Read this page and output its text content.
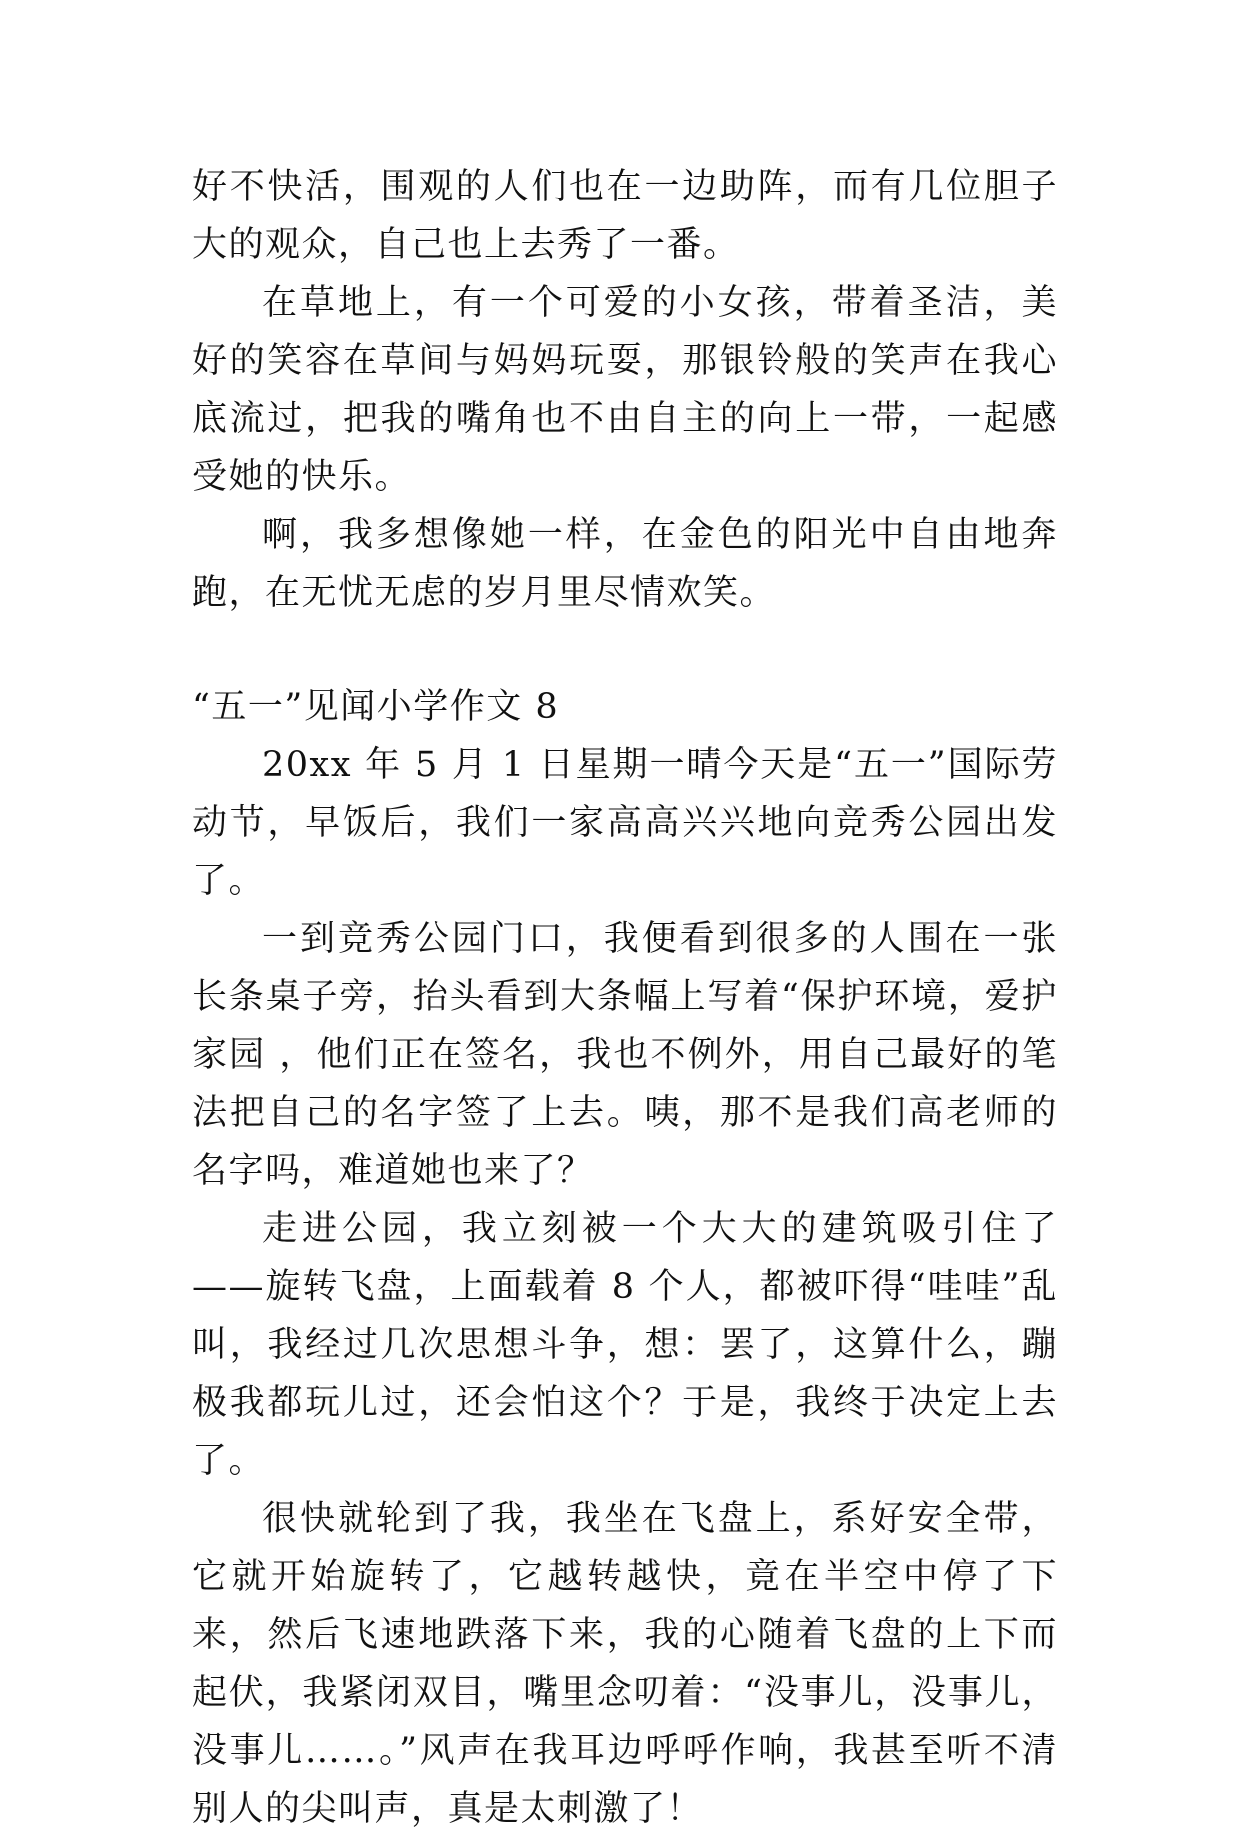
好不快活，围观的人们也在一边助阵，而有几位胆子大的观众，自己也上去秀了一番。

在草地上，有一个可爱的小女孩，带着圣洁，美好的笑容在草间与妈妈玩耍，那银铃般的笑声在我心底流过，把我的嘴角也不由自主的向上一带，一起感受她的快乐。

啊，我多想像她一样，在金色的阳光中自由地奔跑，在无忧无虑的岁月里尽情欢笑。

“五一”见闻小学作文 8

20xx 年 5 月 1 日星期一晴今天是“五一”国际劳动节，早饭后，我们一家高高兴兴地向竞秀公园出发了。

一到竞秀公园门口，我便看到很多的人围在一张长条桌子旁，抬头看到大条幅上写着“保护环境，爱护家园 ，他们正在签名，我也不例外，用自己最好的笔法把自己的名字签了上去。咦，那不是我们高老师的名字吗，难道她也来了？

走进公园，我立刻被一个大大的建筑吸引住了——旋转飞盘，上面载着 8 个人，都被吓得“哇哇”乱叫，我经过几次思想斗争，想：罢了，这算什么，蹦极我都玩儿过，还会怕这个？于是，我终于决定上去了。

很快就轮到了我，我坐在飞盘上，系好安全带，它就开始旋转了，它越转越快，竟在半空中停了下来，然后飞速地跌落下来，我的心随着飞盘的上下而起伏，我紧闭双目，嘴里念叨着：“没事儿，没事儿，没事儿……。”风声在我耳边呼呼作响，我甚至听不清别人的尖叫声，真是太刺激了！
